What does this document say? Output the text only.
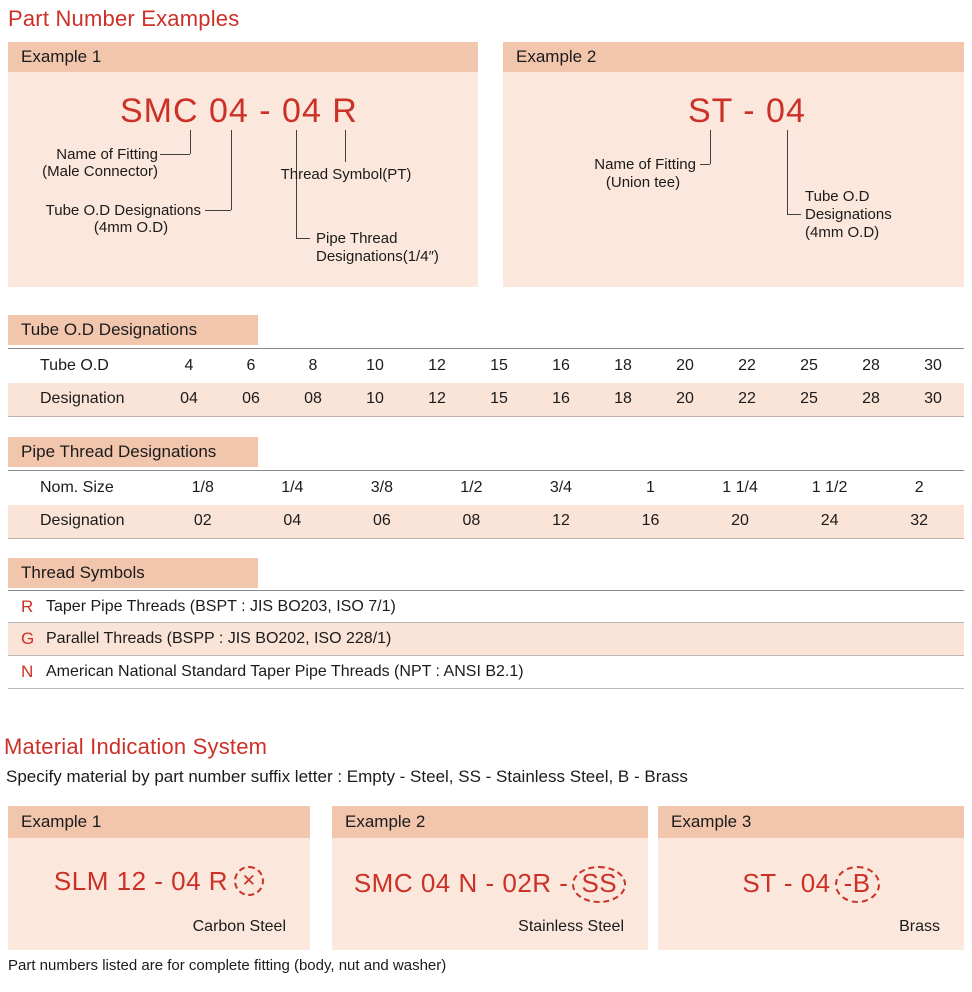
Part Number Examples
Example 1
SMC 04 - 04 R
Name of Fitting
(Male Connector)
Tube O.D Designations
(4mm O.D)
Thread Symbol(PT)
Pipe Thread
Designations(1/4″)
Example 2
ST - 04
Name of Fitting
(Union tee)
Tube O.D
Designations
(4mm O.D)
Tube O.D Designations
Tube O.D	4	6	8	10	12	15	16	18	20	22	25	28	30
Designation	04	06	08	10	12	15	16	18	20	22	25	28	30
Pipe Thread Designations
Nom. Size	1/8	1/4	3/8	1/2	3/4	1	1 1/4	1 1/2	2
Designation	02	04	06	08	12	16	20	24	32
Thread Symbols
R Taper Pipe Threads (BSPT : JIS BO203, ISO 7/1)
G Parallel Threads (BSPP : JIS BO202, ISO 228/1)
N American National Standard Taper Pipe Threads (NPT : ANSI B2.1)
Material Indication System
Specify material by part number suffix letter : Empty - Steel, SS - Stainless Steel, B - Brass
Example 1
SLM 12 - 04 R ✕
Carbon Steel
Example 2
SMC 04 N - 02R - SS
Stainless Steel
Example 3
ST - 04 -B
Brass
Part numbers listed are for complete fitting (body, nut and washer)
